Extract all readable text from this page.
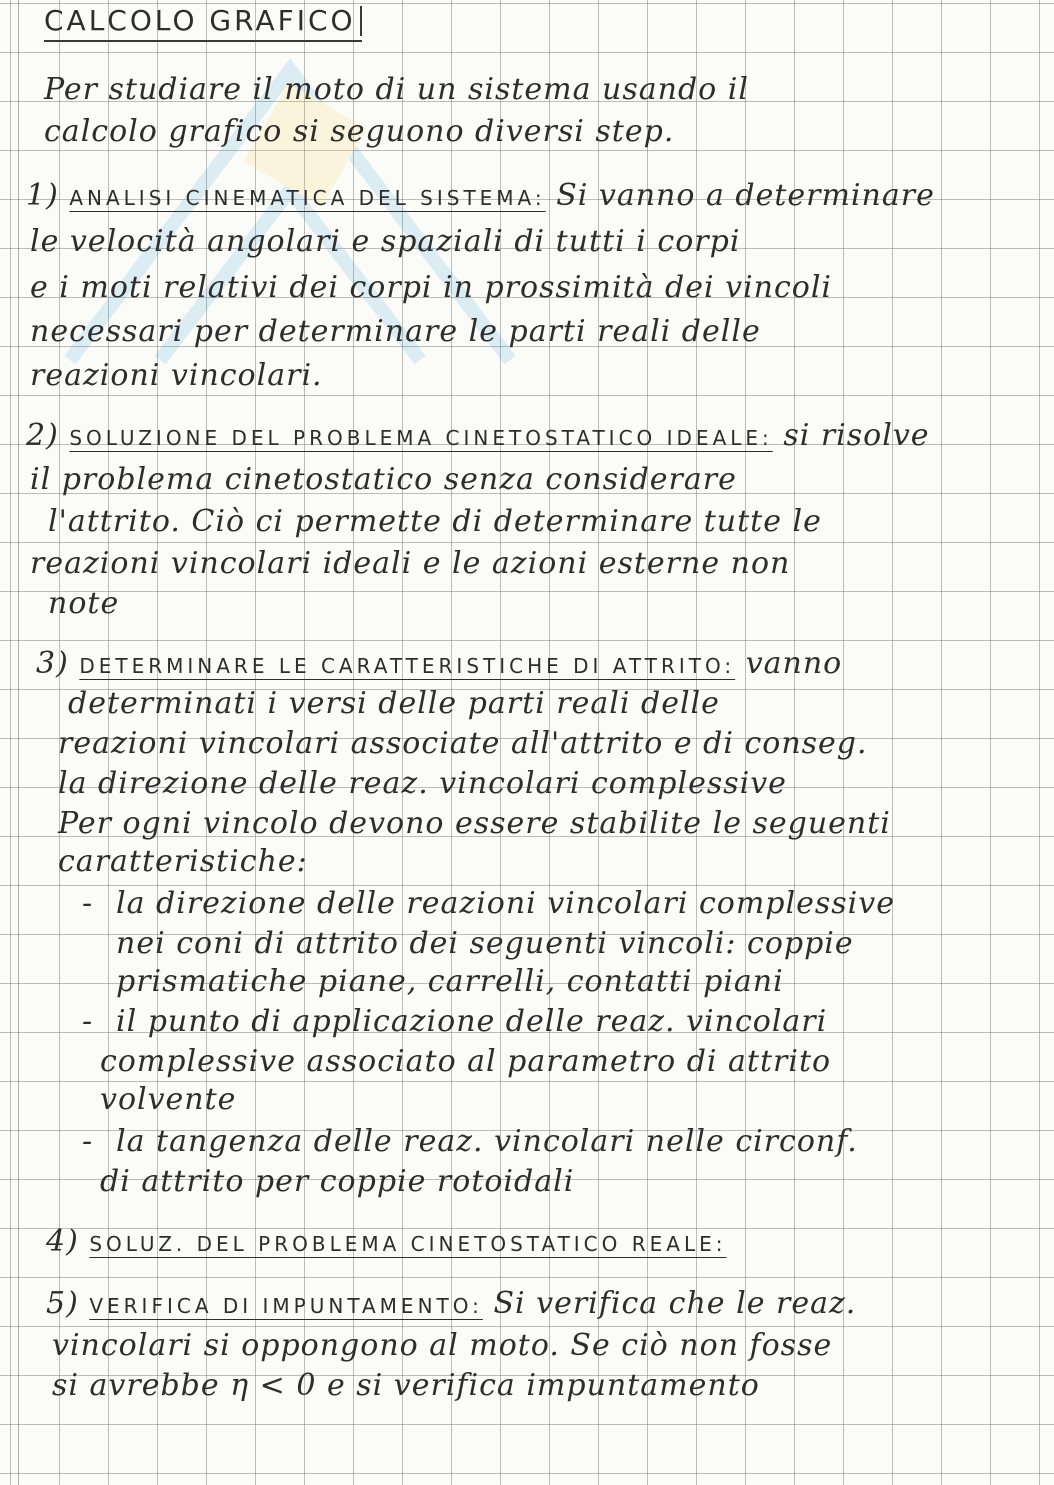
CALCOLO GRAFICO
Per studiare il moto di un sistema usando il
calcolo grafico si seguono diversi step.
1) ANALISI CINEMATICA DEL SISTEMA: Si vanno a determinare
le velocità angolari e spaziali di tutti i corpi
e i moti relativi dei corpi in prossimità dei vincoli
necessari per determinare le parti reali delle
reazioni vincolari.
2) SOLUZIONE DEL PROBLEMA CINETOSTATICO IDEALE: si risolve
il problema cinetostatico senza considerare
l'attrito. Ciò ci permette di determinare tutte le
reazioni vincolari ideali e le azioni esterne non
note
3) DETERMINARE LE CARATTERISTICHE DI ATTRITO: vanno
determinati i versi delle parti reali delle
reazioni vincolari associate all'attrito e di conseg.
la direzione delle reaz. vincolari complessive
Per ogni vincolo devono essere stabilite le seguenti
caratteristiche:
- la direzione delle reazioni vincolari complessive
nei coni di attrito dei seguenti vincoli: coppie
prismatiche piane, carrelli, contatti piani
- il punto di applicazione delle reaz. vincolari
complessive associato al parametro di attrito
volvente
- la tangenza delle reaz. vincolari nelle circonf.
di attrito per coppie rotoidali
4) SOLUZ. DEL PROBLEMA CINETOSTATICO REALE:
5) VERIFICA DI IMPUNTAMENTO: Si verifica che le reaz.
vincolari si oppongono al moto. Se ciò non fosse
si avrebbe η < 0 e si verifica impuntamento
